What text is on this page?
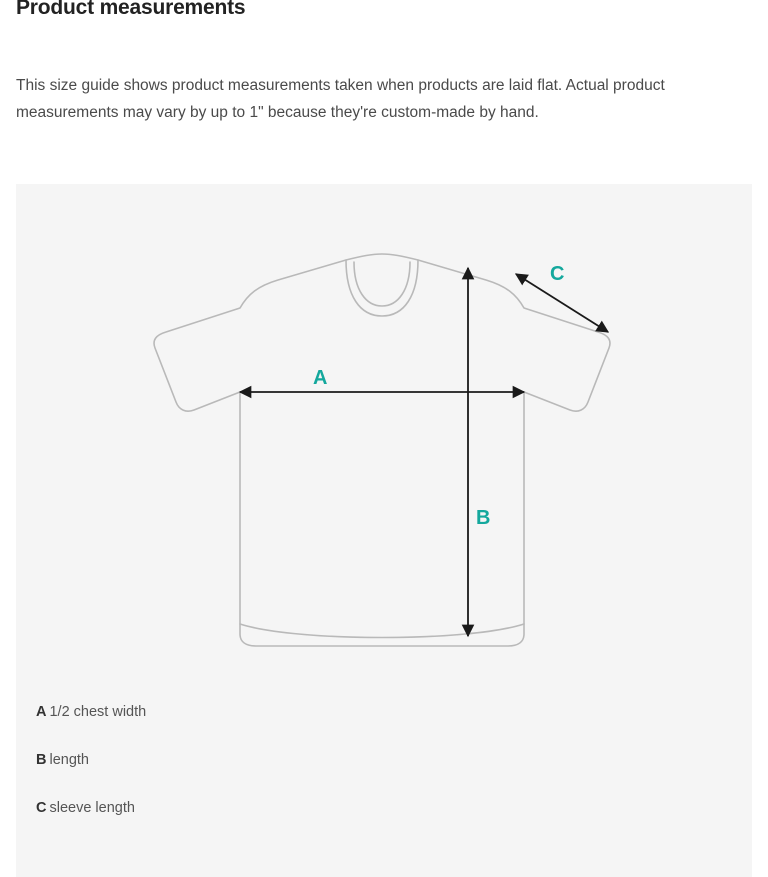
Product measurements

This size guide shows product measurements taken when products are laid flat. Actual product measurements may vary by up to 1" because they're custom-made by hand.

A
B
C
A 1/2 chest width
B length
C sleeve length
